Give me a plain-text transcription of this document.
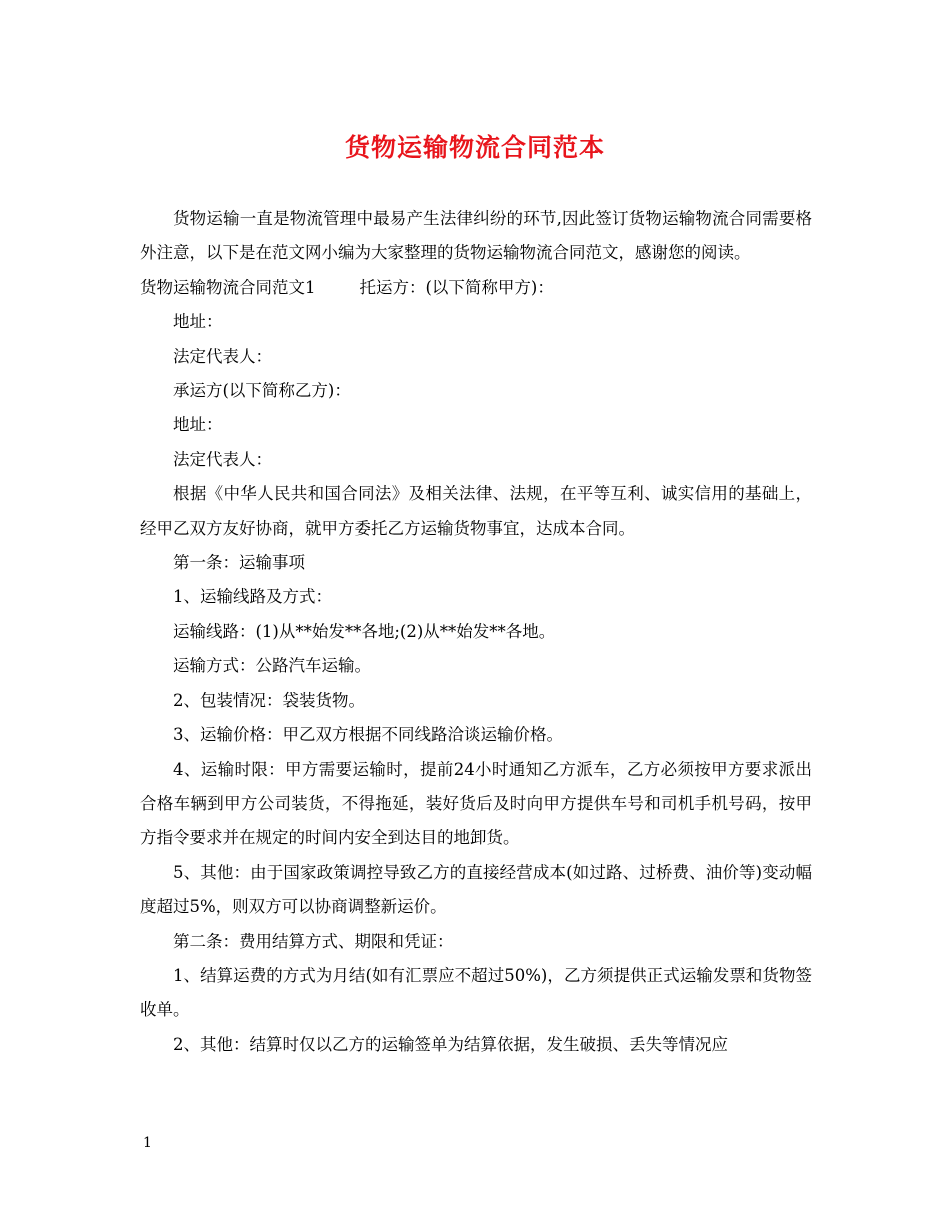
货物运输物流合同范本

货物运输一直是物流管理中最易产生法律纠纷的环节,因此签订货物运输物流合同需要格外注意，以下是在范文网小编为大家整理的货物运输物流合同范文，感谢您的阅读。

货物运输物流合同范文1	托运方：(以下简称甲方)：

地址：

法定代表人：

承运方(以下简称乙方)：

地址：

法定代表人：

根据《中华人民共和国合同法》及相关法律、法规，在平等互利、诚实信用的基础上，经甲乙双方友好协商，就甲方委托乙方运输货物事宜，达成本合同。

第一条：运输事项

1、运输线路及方式：

运输线路：(1)从**始发**各地;(2)从**始发**各地。

运输方式：公路汽车运输。

2、包装情况：袋装货物。

3、运输价格：甲乙双方根据不同线路洽谈运输价格。

4、运输时限：甲方需要运输时，提前24小时通知乙方派车，乙方必须按甲方要求派出合格车辆到甲方公司装货，不得拖延，装好货后及时向甲方提供车号和司机手机号码，按甲方指令要求并在规定的时间内安全到达目的地卸货。

5、其他：由于国家政策调控导致乙方的直接经营成本(如过路、过桥费、油价等)变动幅度超过5%，则双方可以协商调整新运价。

第二条：费用结算方式、期限和凭证：

1、结算运费的方式为月结(如有汇票应不超过50%)，乙方须提供正式运输发票和货物签收单。

2、其他：结算时仅以乙方的运输签单为结算依据，发生破损、丢失等情况应

1
